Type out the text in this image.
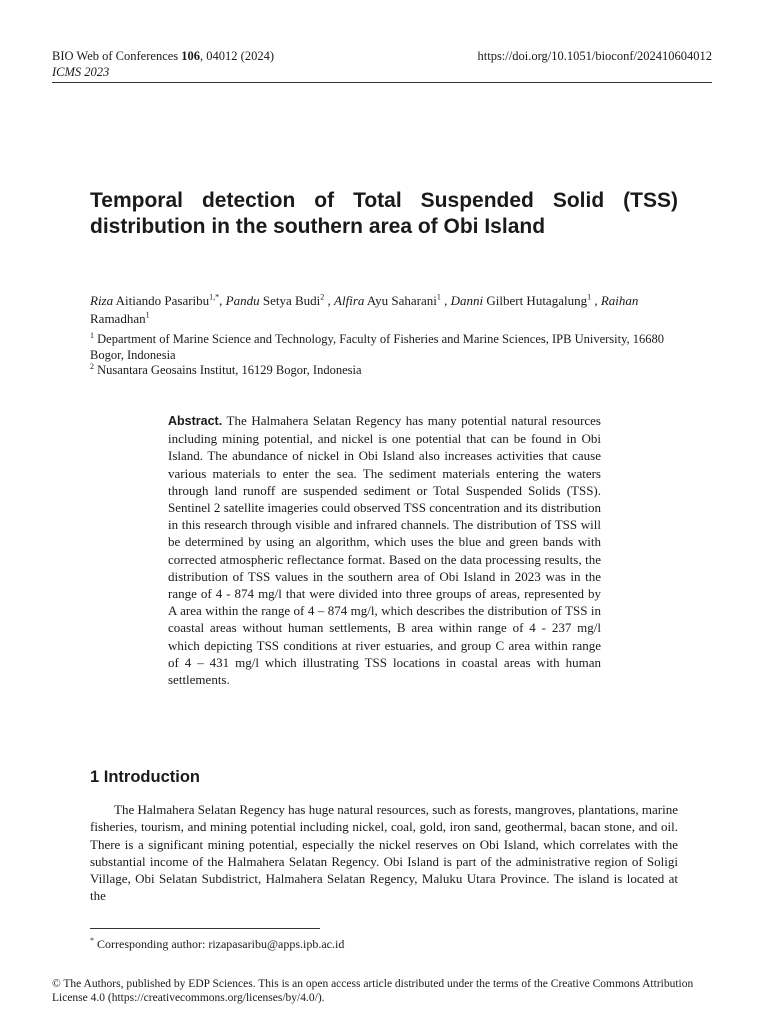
BIO Web of Conferences 106, 04012 (2024)
ICMS 2023
https://doi.org/10.1051/bioconf/202410604012
Temporal detection of Total Suspended Solid (TSS) distribution in the southern area of Obi Island
Riza Aitiando Pasaribu$^{1,*}$, Pandu Setya Budi$^2$ , Alfira Ayu Saharani$^1$ , Danni Gilbert Hutagalung$^1$ , Raihan Ramadhan$^1$
$^1$ Department of Marine Science and Technology, Faculty of Fisheries and Marine Sciences, IPB University, 16680 Bogor, Indonesia
$^2$ Nusantara Geosains Institut, 16129 Bogor, Indonesia
Abstract. The Halmahera Selatan Regency has many potential natural resources including mining potential, and nickel is one potential that can be found in Obi Island. The abundance of nickel in Obi Island also increases activities that cause various materials to enter the sea. The sediment materials entering the waters through land runoff are suspended sediment or Total Suspended Solids (TSS). Sentinel 2 satellite imageries could observed TSS concentration and its distribution in this research through visible and infrared channels. The distribution of TSS will be determined by using an algorithm, which uses the blue and green bands with corrected atmospheric reflectance format. Based on the data processing results, the distribution of TSS values in the southern area of Obi Island in 2023 was in the range of 4 - 874 mg/l that were divided into three groups of areas, represented by A area within the range of 4 – 874 mg/l, which describes the distribution of TSS in coastal areas without human settlements, B area within range of 4 - 237 mg/l which depicting TSS conditions at river estuaries, and group C area within range of 4 – 431 mg/l which illustrating TSS locations in coastal areas with human settlements.
1 Introduction
The Halmahera Selatan Regency has huge natural resources, such as forests, mangroves, plantations, marine fisheries, tourism, and mining potential including nickel, coal, gold, iron sand, geothermal, bacan stone, and oil. There is a significant mining potential, especially the nickel reserves on Obi Island, which correlates with the substantial income of the Halmahera Selatan Regency. Obi Island is part of the administrative region of Soligi Village, Obi Selatan Subdistrict, Halmahera Selatan Regency, Maluku Utara Province. The island is located at the
* Corresponding author: rizapasaribu@apps.ipb.ac.id
© The Authors, published by EDP Sciences. This is an open access article distributed under the terms of the Creative Commons Attribution License 4.0 (https://creativecommons.org/licenses/by/4.0/).
